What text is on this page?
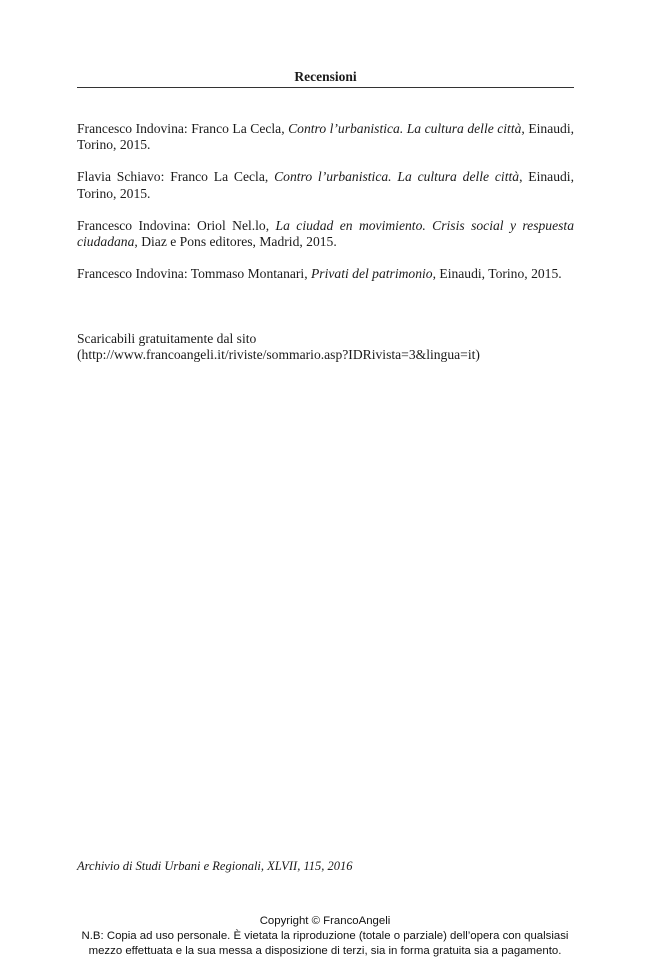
Recensioni

Francesco Indovina: Franco La Cecla, Contro l’urbanistica. La cultura delle città, Einaudi, Torino, 2015.

Flavia Schiavo: Franco La Cecla, Contro l’urbanistica. La cultura delle città, Einaudi, Torino, 2015.

Francesco Indovina: Oriol Nel.lo, La ciudad en movimiento. Crisis social y respuesta ciudadana, Diaz e Pons editores, Madrid, 2015.

Francesco Indovina: Tommaso Montanari, Privati del patrimonio, Einaudi, Torino, 2015.

Scaricabili gratuitamente dal sito
(http://www.francoangeli.it/riviste/sommario.asp?IDRivista=3&lingua=it)
Archivio di Studi Urbani e Regionali, XLVII, 115, 2016
Copyright © FrancoAngeli
N.B: Copia ad uso personale. È vietata la riproduzione (totale o parziale) dell’opera con qualsiasi
mezzo effettuata e la sua messa a disposizione di terzi, sia in forma gratuita sia a pagamento.
